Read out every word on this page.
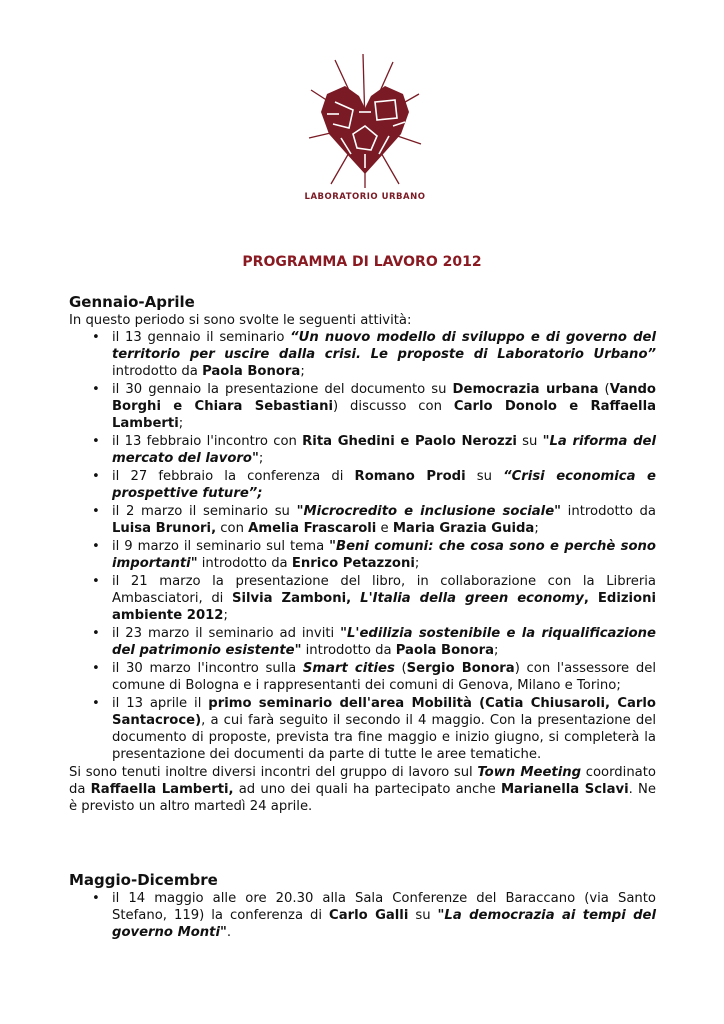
LABORATORIO URBANO
PROGRAMMA DI LAVORO 2012

Gennaio-Aprile

In questo periodo si sono svolte le seguenti attività:

• il 13 gennaio il seminario “Un nuovo modello di sviluppo e di governo del territorio per uscire dalla crisi. Le proposte di Laboratorio Urbano” introdotto da Paola Bonora;
• il 30 gennaio la presentazione del documento su Democrazia urbana (Vando Borghi e Chiara Sebastiani) discusso con Carlo Donolo e Raffaella Lamberti;
• il 13 febbraio l'incontro con Rita Ghedini e Paolo Nerozzi su "La riforma del mercato del lavoro";
• il 27 febbraio la conferenza di Romano Prodi su “Crisi economica e prospettive future”;
• il 2 marzo il seminario su "Microcredito e inclusione sociale" introdotto da Luisa Brunori, con Amelia Frascaroli e Maria Grazia Guida;
• il 9 marzo il seminario sul tema "Beni comuni: che cosa sono e perchè sono importanti" introdotto da Enrico Petazzoni;
• il 21 marzo la presentazione del libro, in collaborazione con la Libreria Ambasciatori, di Silvia Zamboni, L'Italia della green economy, Edizioni ambiente 2012;
• il 23 marzo il seminario ad inviti "L'edilizia sostenibile e la riqualificazione del patrimonio esistente" introdotto da Paola Bonora;
• il 30 marzo l'incontro sulla Smart cities (Sergio Bonora) con l'assessore del comune di Bologna e i rappresentanti dei comuni di Genova, Milano e Torino;
• il 13 aprile il primo seminario dell'area Mobilità (Catia Chiusaroli, Carlo Santacroce), a cui farà seguito il secondo il 4 maggio. Con la presentazione del documento di proposte, prevista tra fine maggio e inizio giugno, si completerà la presentazione dei documenti da parte di tutte le aree tematiche.

Si sono tenuti inoltre diversi incontri del gruppo di lavoro sul Town Meeting coordinato da Raffaella Lamberti, ad uno dei quali ha partecipato anche Marianella Sclavi. Ne è previsto un altro martedì 24 aprile.

Maggio-Dicembre

• il 14 maggio alle ore 20.30 alla Sala Conferenze del Baraccano (via Santo Stefano, 119) la conferenza di Carlo Galli su "La democrazia ai tempi del governo Monti".
